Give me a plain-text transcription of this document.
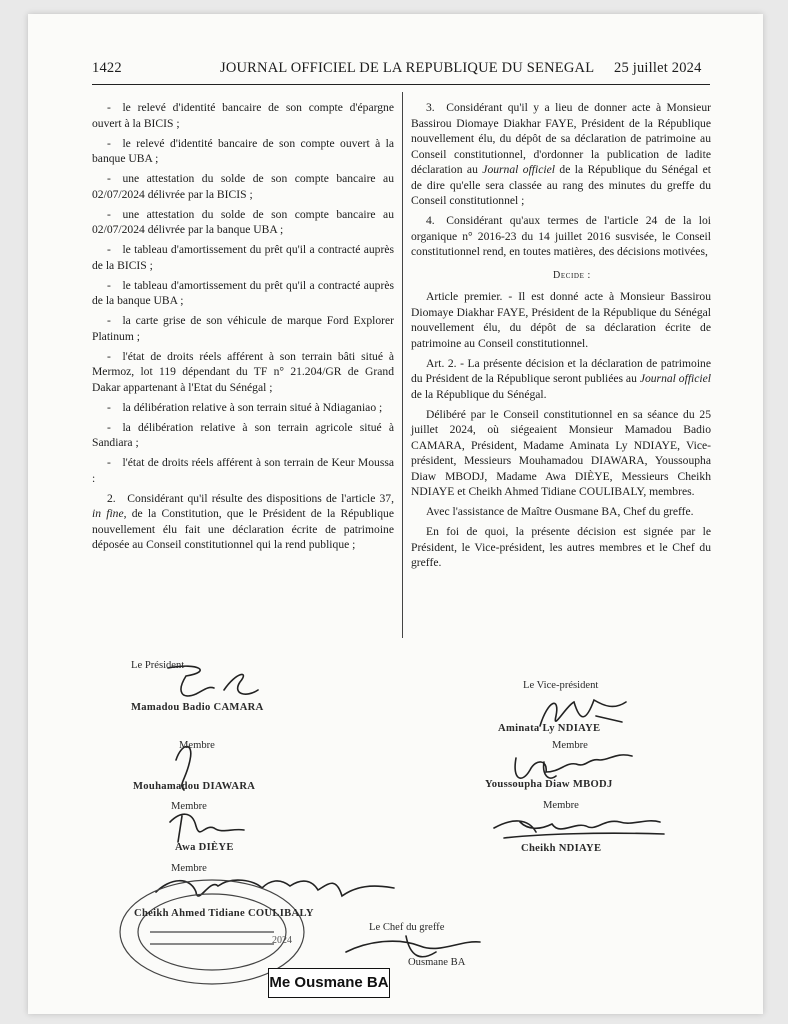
1422	JOURNAL OFFICIEL DE LA REPUBLIQUE DU SENEGAL 25 juillet 2024

- le relevé d'identité bancaire de son compte d'épargne ouvert à la BICIS ;

- le relevé d'identité bancaire de son compte ouvert à la banque UBA ;

- une attestation du solde de son compte bancaire au 02/07/2024 délivrée par la BICIS ;

- une attestation du solde de son compte bancaire au 02/07/2024 délivrée par la banque UBA ;

- le tableau d'amortissement du prêt qu'il a contracté auprès de la BICIS ;

- le tableau d'amortissement du prêt qu'il a contracté auprès de la banque UBA ;

- la carte grise de son véhicule de marque Ford Explorer Platinum ;

- l'état de droits réels afférent à son terrain bâti situé à Mermoz, lot 119 dépendant du TF n° 21.204/GR de Grand Dakar appartenant à l'Etat du Sénégal ;

- la délibération relative à son terrain situé à Ndiaganiao ;

- la délibération relative à son terrain agricole situé à Sandiara ;

- l'état de droits réels afférent à son terrain de Keur Moussa :

2. Considérant qu'il résulte des dispositions de l'article 37, in fine, de la Constitution, que le Président de la République nouvellement élu fait une déclaration écrite de patrimoine déposée au Conseil constitutionnel qui la rend publique ;

3. Considérant qu'il y a lieu de donner acte à Monsieur Bassirou Diomaye Diakhar FAYE, Président de la République nouvellement élu, du dépôt de sa déclaration de patrimoine au Conseil constitutionnel, d'ordonner la publication de ladite déclaration au Journal officiel de la République du Sénégal et de dire qu'elle sera classée au rang des minutes du greffe du Conseil constitutionnel ;

4. Considérant qu'aux termes de l'article 24 de la loi organique n° 2016-23 du 14 juillet 2016 susvisée, le Conseil constitutionnel rend, en toutes matières, des décisions motivées,

Decide :

Article premier. - Il est donné acte à Monsieur Bassirou Diomaye Diakhar FAYE, Président de la République du Sénégal nouvellement élu, du dépôt de sa déclaration écrite de patrimoine au Conseil constitutionnel.

Art. 2. - La présente décision et la déclaration de patrimoine du Président de la République seront publiées au Journal officiel de la République du Sénégal.

Délibéré par le Conseil constitutionnel en sa séance du 25 juillet 2024, où siégeaient Monsieur Mamadou Badio CAMARA, Président, Madame Aminata Ly NDIAYE, Vice-président, Messieurs Mouhamadou DIAWARA, Youssoupha Diaw MBODJ, Madame Awa DIÈYE, Messieurs Cheikh NDIAYE et Cheikh Ahmed Tidiane COULIBALY, membres.

Avec l'assistance de Maître Ousmane BA, Chef du greffe.

En foi de quoi, la présente décision est signée par le Président, le Vice-président, les autres membres et le Chef du greffe.

Le Président
Mamadou Badio CAMARA
Le Vice-président
Aminata Ly NDIAYE
Membre
Mouhamadou DIAWARA
Membre
Youssoupha Diaw MBODJ
Membre
Awa DIÈYE
Membre
Cheikh NDIAYE
Membre
Cheikh Ahmed Tidiane COULIBALY
Le Chef du greffe
Ousmane BA
2024
Me Ousmane BA
